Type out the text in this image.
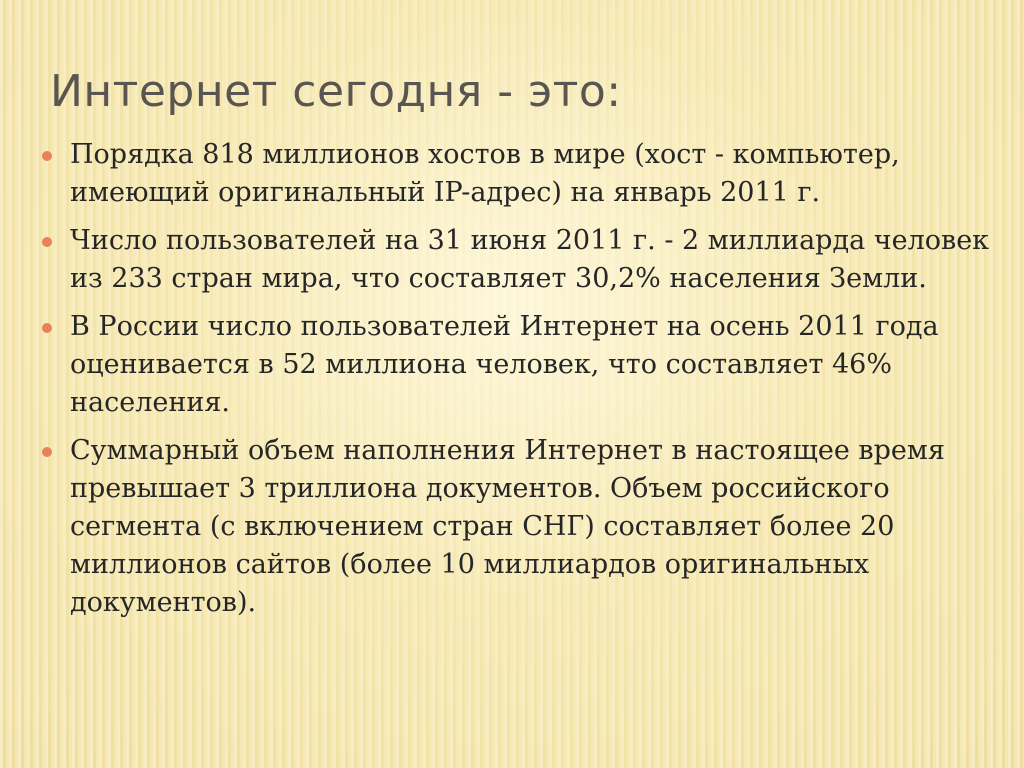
Интернет сегодня - это:
Порядка 818 миллионов хостов в мире (хост - компьютер, имеющий оригинальный IP-адрес) на январь 2011 г.
Число пользователей на 31 июня 2011 г. - 2 миллиарда человек из 233 стран мира, что составляет 30,2% населения Земли.
В России число пользователей Интернет на осень 2011 года оценивается в 52 миллиона человек, что составляет 46% населения.
Суммарный объем наполнения Интернет в настоящее время превышает 3 триллиона документов. Объем российского сегмента (с включением стран СНГ) составляет более 20 миллионов сайтов (более 10 миллиардов оригинальных документов).
